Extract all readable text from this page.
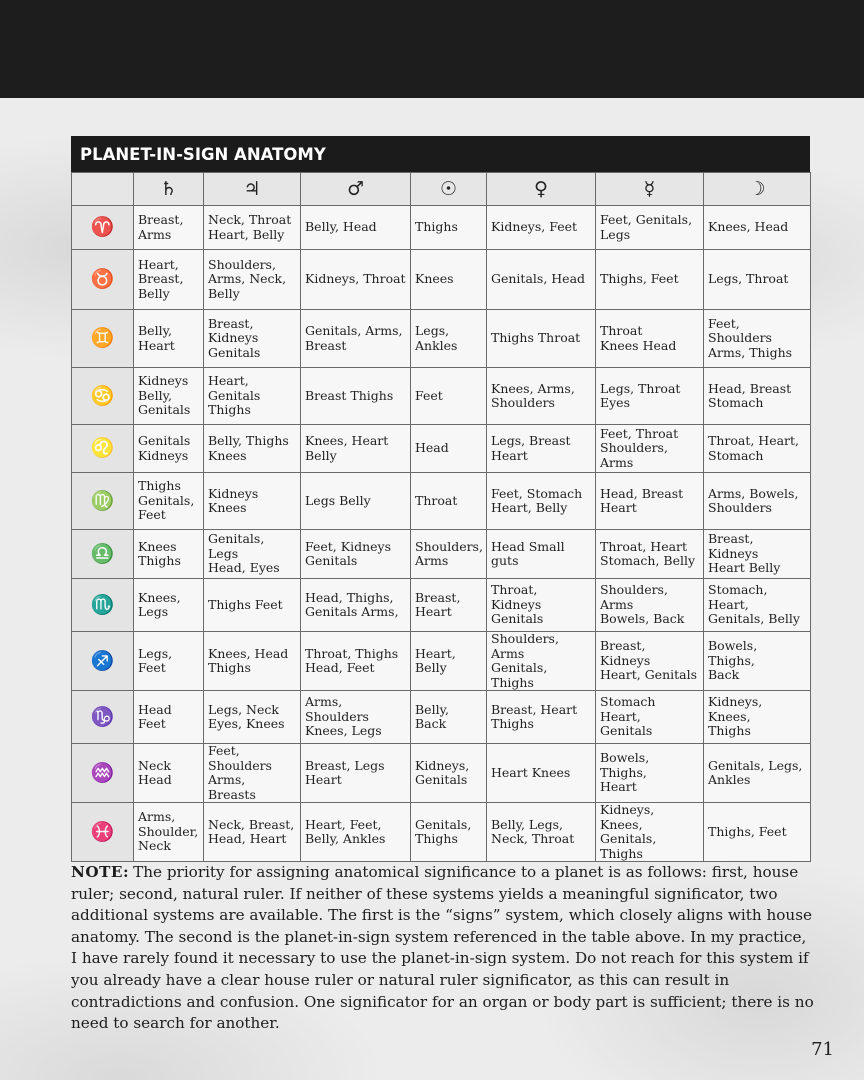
PLANET-IN-SIGN ANATOMY
	♄	♃	♂	☉	♀	☿	☽
♈	Breast,
Arms	Neck, Throat
Heart, Belly	Belly, Head	Thighs	Kidneys, Feet	Feet, Genitals,
Legs	Knees, Head
♉	Heart,
Breast,
Belly	Shoulders,
Arms, Neck,
Belly	Kidneys, Throat	Knees	Genitals, Head	Thighs, Feet	Legs, Throat
♊	Belly,
Heart	Breast,
Kidneys
Genitals	Genitals, Arms,
Breast	Legs,
Ankles	Thighs Throat	Throat
Knees Head	Feet, Shoulders
Arms, Thighs
♋	Kidneys
Belly,
Genitals	Heart,
Genitals
Thighs	Breast Thighs	Feet	Knees, Arms,
Shoulders	Legs, Throat
Eyes	Head, Breast
Stomach
♌	Genitals
Kidneys	Belly, Thighs
Knees	Knees, Heart
Belly	Head	Legs, Breast
Heart	Feet, Throat
Shoulders, Arms	Throat, Heart,
Stomach
♍	Thighs
Genitals,
Feet	Kidneys Knees	Legs Belly	Throat	Feet, Stomach
Heart, Belly	Head, Breast
Heart	Arms, Bowels,
Shoulders
♎	Knees
Thighs	Genitals, Legs
Head, Eyes	Feet, Kidneys
Genitals	Shoulders,
Arms	Head Small guts	Throat, Heart
Stomach, Belly	Breast, Kidneys
Heart Belly
♏	Knees,
Legs	Thighs Feet	Head, Thighs,
Genitals Arms,	Breast,
Heart	Throat, Kidneys
Genitals	Shoulders, Arms
Bowels, Back	Stomach, Heart,
Genitals, Belly
♐	Legs, Feet	Knees, Head
Thighs	Throat, Thighs
Head, Feet	Heart,
Belly	Shoulders, Arms
Genitals, Thighs	Breast, Kidneys
Heart, Genitals	Bowels, Thighs,
Back
♑	Head Feet	Legs, Neck
Eyes, Knees	Arms, Shoulders
Knees, Legs	Belly, Back	Breast, Heart
Thighs	Stomach Heart,
Genitals	Kidneys, Knees,
Thighs
♒	Neck
Head	Feet,
Shoulders
Arms, Breasts	Breast, Legs
Heart	Kidneys,
Genitals	Heart Knees	Bowels, Thighs,
Heart	Genitals, Legs,
Ankles
♓	Arms,
Shoulder,
Neck	Neck, Breast,
Head, Heart	Heart, Feet,
Belly, Ankles	Genitals,
Thighs	Belly, Legs,
Neck, Throat	Kidneys, Knees,
Genitals, Thighs	Thighs, Feet

NOTE: The priority for assigning anatomical significance to a planet is as follows: first, house ruler; second, natural ruler. If neither of these systems yields a meaningful significator, two additional systems are available. The first is the “signs” system, which closely aligns with house anatomy. The second is the planet-in-sign system referenced in the table above. In my practice, I have rarely found it necessary to use the planet-in-sign system. Do not reach for this system if you already have a clear house ruler or natural ruler significator, as this can result in contradictions and confusion. One significator for an organ or body part is sufficient; there is no need to search for another.

71
